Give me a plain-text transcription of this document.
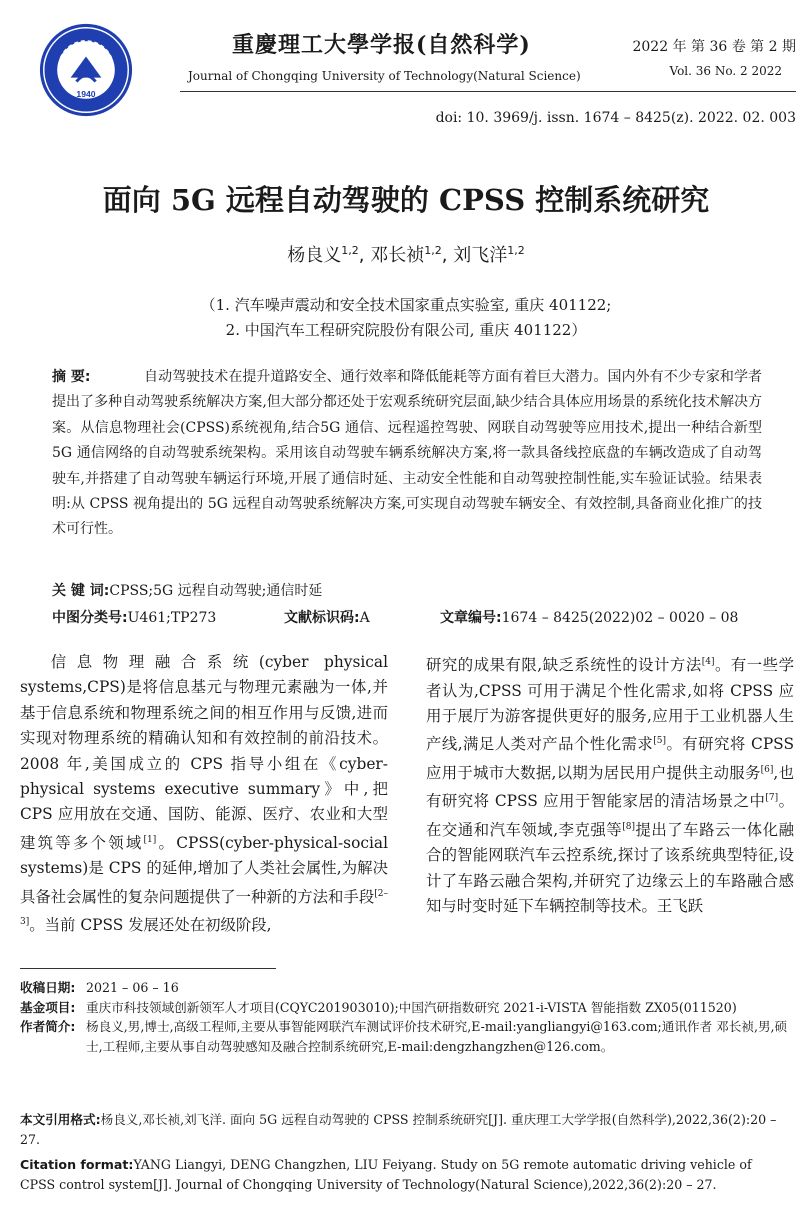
1940
重慶理工大學学报(自然科学)
Journal of Chongqing University of Technology(Natural Science)
2022 年 第 36 卷 第 2 期
Vol. 36 No. 2 2022
doi: 10. 3969/j. issn. 1674 – 8425(z). 2022. 02. 003
面向 5G 远程自动驾驶的 CPSS 控制系统研究
杨良义$^{1,2}$, 邓长祯$^{1,2}$, 刘飞洋$^{1,2}$
（1. 汽车噪声震动和安全技术国家重点实验室, 重庆 401122;
2. 中国汽车工程研究院股份有限公司, 重庆 401122）
摘 要:	自动驾驶技术在提升道路安全、通行效率和降低能耗等方面有着巨大潜力。国内外有不少专家和学者提出了多种自动驾驶系统解决方案,但大部分都还处于宏观系统研究层面,缺少结合具体应用场景的系统化技术解决方案。从信息物理社会(CPSS)系统视角,结合5G 通信、远程遥控驾驶、网联自动驾驶等应用技术,提出一种结合新型 5G 通信网络的自动驾驶系统架构。采用该自动驾驶车辆系统解决方案,将一款具备线控底盘的车辆改造成了自动驾驶车,并搭建了自动驾驶车辆运行环境,开展了通信时延、主动安全性能和自动驾驶控制性能,实车验证试验。结果表明:从 CPSS 视角提出的 5G 远程自动驾驶系统解决方案,可实现自动驾驶车辆安全、有效控制,具备商业化推广的技术可行性。
关 键 词:CPSS;5G 远程自动驾驶;通信时延
中图分类号:U461;TP273	文献标识码:A	文章编号:1674 – 8425(2022)02 – 0020 – 08
信息物理融合系统(cyber physical systems,CPS)是将信息基元与物理元素融为一体,并基于信息系统和物理系统之间的相互作用与反馈,进而实现对物理系统的精确认知和有效控制的前沿技术。2008 年,美国成立的 CPS 指导小组在《cyber-physical systems executive summary》中,把 CPS 应用放在交通、国防、能源、医疗、农业和大型建筑等多个领域[1]。CPSS(cyber-physical-social systems)是 CPS 的延伸,增加了人类社会属性,为解决具备社会属性的复杂问题提供了一种新的方法和手段[2–3]。当前 CPSS 发展还处在初级阶段,
研究的成果有限,缺乏系统性的设计方法[4]。有一些学者认为,CPSS 可用于满足个性化需求,如将 CPSS 应用于展厅为游客提供更好的服务,应用于工业机器人生产线,满足人类对产品个性化需求[5]。有研究将 CPSS 应用于城市大数据,以期为居民用户提供主动服务[6],也有研究将 CPSS 应用于智能家居的清洁场景之中[7]。在交通和汽车领域,李克强等[8]提出了车路云一体化融合的智能网联汽车云控系统,探讨了该系统典型特征,设计了车路云融合架构,并研究了边缘云上的车路融合感知与时变时延下车辆控制等技术。王飞跃
收稿日期: 2021 – 06 – 16
基金项目: 重庆市科技领域创新领军人才项目(CQYC201903010);中国汽研指数研究 2021-i-VISTA 智能指数 ZX05(011520)
作者简介: 杨良义,男,博士,高级工程师,主要从事智能网联汽车测试评价技术研究,E-mail:yangliangyi@163.com;通讯作者 邓长祯,男,硕士,工程师,主要从事自动驾驶感知及融合控制系统研究,E-mail:dengzhangzhen@126.com。
本文引用格式:杨良义,邓长祯,刘飞洋. 面向 5G 远程自动驾驶的 CPSS 控制系统研究[J]. 重庆理工大学学报(自然科学),2022,36(2):20 – 27.
Citation format:YANG Liangyi, DENG Changzhen, LIU Feiyang. Study on 5G remote automatic driving vehicle of CPSS control system[J]. Journal of Chongqing University of Technology(Natural Science),2022,36(2):20 – 27.
